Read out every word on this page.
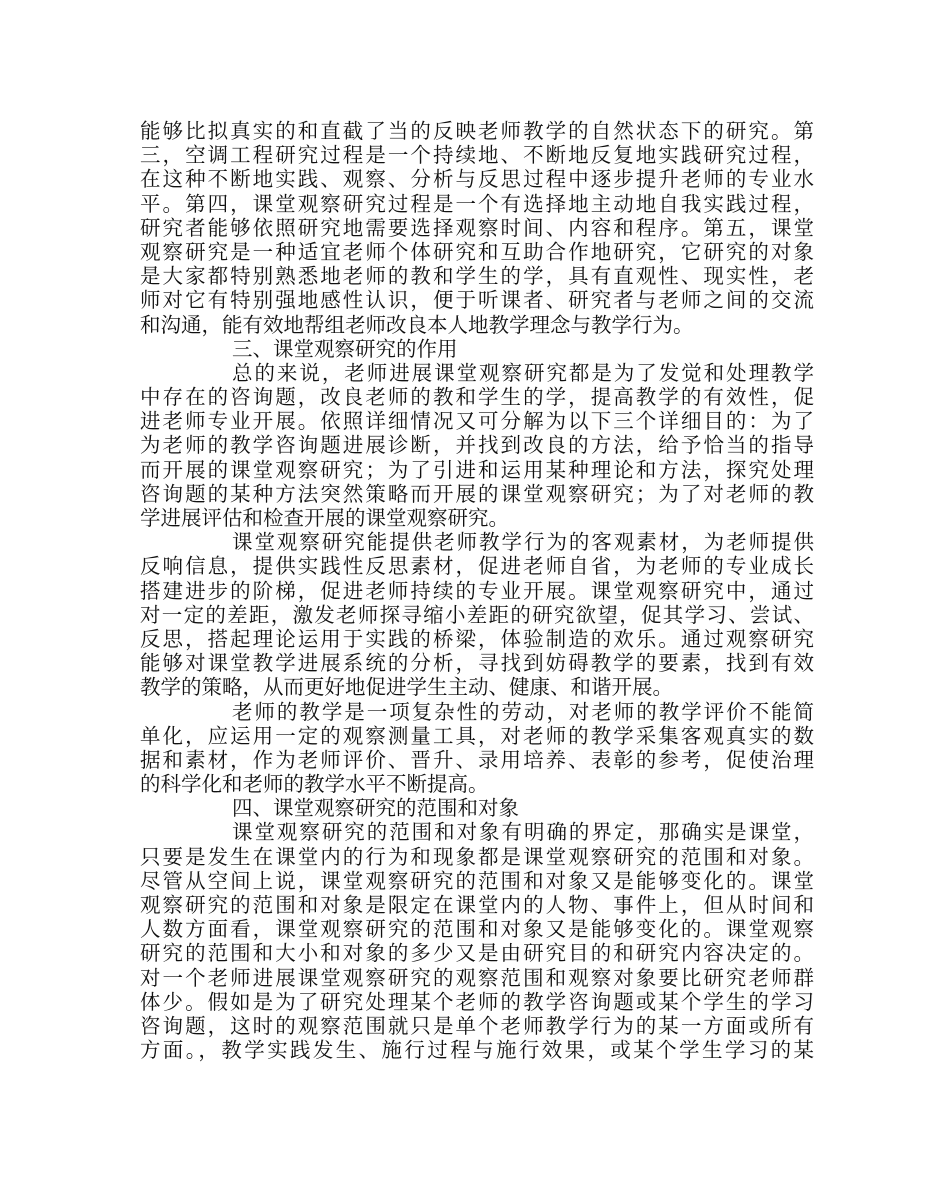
能够比拟真实的和直截了当的反映老师教学的自然状态下的研究。第
三，空调工程研究过程是一个持续地、不断地反复地实践研究过程，
在这种不断地实践、观察、分析与反思过程中逐步提升老师的专业水
平。第四，课堂观察研究过程是一个有选择地主动地自我实践过程，
研究者能够依照研究地需要选择观察时间、内容和程序。第五，课堂
观察研究是一种适宜老师个体研究和互助合作地研究，它研究的对象
是大家都特别熟悉地老师的教和学生的学，具有直观性、现实性，老
师对它有特别强地感性认识，便于听课者、研究者与老师之间的交流
和沟通，能有效地帮组老师改良本人地教学理念与教学行为。
三、课堂观察研究的作用
总的来说，老师进展课堂观察研究都是为了发觉和处理教学
中存在的咨询题，改良老师的教和学生的学，提高教学的有效性，促
进老师专业开展。依照详细情况又可分解为以下三个详细目的：为了
为老师的教学咨询题进展诊断，并找到改良的方法，给予恰当的指导
而开展的课堂观察研究；为了引进和运用某种理论和方法，探究处理
咨询题的某种方法突然策略而开展的课堂观察研究；为了对老师的教
学进展评估和检查开展的课堂观察研究。
课堂观察研究能提供老师教学行为的客观素材，为老师提供
反响信息，提供实践性反思素材，促进老师自省，为老师的专业成长
搭建进步的阶梯，促进老师持续的专业开展。课堂观察研究中，通过
对一定的差距，激发老师探寻缩小差距的研究欲望，促其学习、尝试、
反思，搭起理论运用于实践的桥梁，体验制造的欢乐。通过观察研究
能够对课堂教学进展系统的分析，寻找到妨碍教学的要素，找到有效
教学的策略，从而更好地促进学生主动、健康、和谐开展。
老师的教学是一项复杂性的劳动，对老师的教学评价不能简
单化，应运用一定的观察测量工具，对老师的教学采集客观真实的数
据和素材，作为老师评价、晋升、录用培养、表彰的参考，促使治理
的科学化和老师的教学水平不断提高。
四、课堂观察研究的范围和对象
课堂观察研究的范围和对象有明确的界定，那确实是课堂，
只要是发生在课堂内的行为和现象都是课堂观察研究的范围和对象。
尽管从空间上说，课堂观察研究的范围和对象又是能够变化的。课堂
观察研究的范围和对象是限定在课堂内的人物、事件上，但从时间和
人数方面看，课堂观察研究的范围和对象又是能够变化的。课堂观察
研究的范围和大小和对象的多少又是由研究目的和研究内容决定的。
对一个老师进展课堂观察研究的观察范围和观察对象要比研究老师群
体少。假如是为了研究处理某个老师的教学咨询题或某个学生的学习
咨询题，这时的观察范围就只是单个老师教学行为的某一方面或所有
方面。，教学实践发生、施行过程与施行效果，或某个学生学习的某
